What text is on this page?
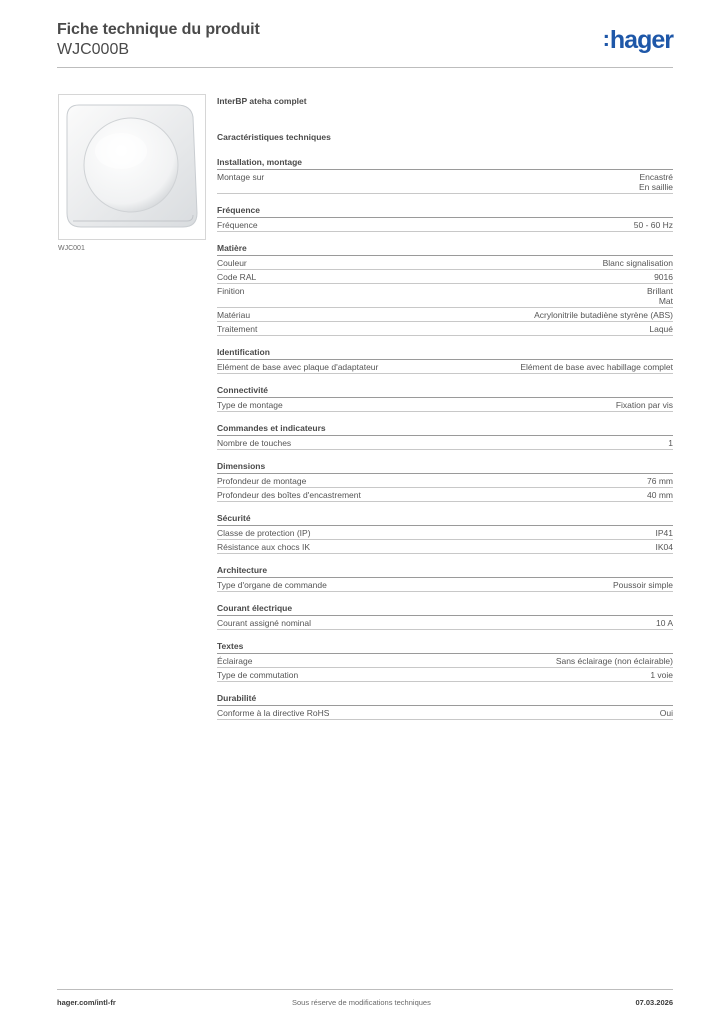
Fiche technique du produit
WJC000B	:hager
WJC001
InterBP ateha complet
Caractéristiques techniques
Installation, montage
Montage sur	Encastré
En saillie
Fréquence
Fréquence	50 - 60 Hz
Matière
Couleur	Blanc signalisation
Code RAL	9016
Finition	Brillant
Mat
Matériau	Acrylonitrile butadiène styrène (ABS)
Traitement	Laqué
Identification
Elément de base avec plaque d'adaptateur	Elément de base avec habillage complet
Connectivité
Type de montage	Fixation par vis
Commandes et indicateurs
Nombre de touches	1
Dimensions
Profondeur de montage	76 mm
Profondeur des boîtes d'encastrement	40 mm
Sécurité
Classe de protection (IP)	IP41
Résistance aux chocs IK	IK04
Architecture
Type d'organe de commande	Poussoir simple
Courant électrique
Courant assigné nominal	10 A
Textes
Éclairage	Sans éclairage (non éclairable)
Type de commutation	1 voie
Durabilité
Conforme à la directive RoHS	Oui
hager.com/intl-fr	Sous réserve de modifications techniques	07.03.2026
